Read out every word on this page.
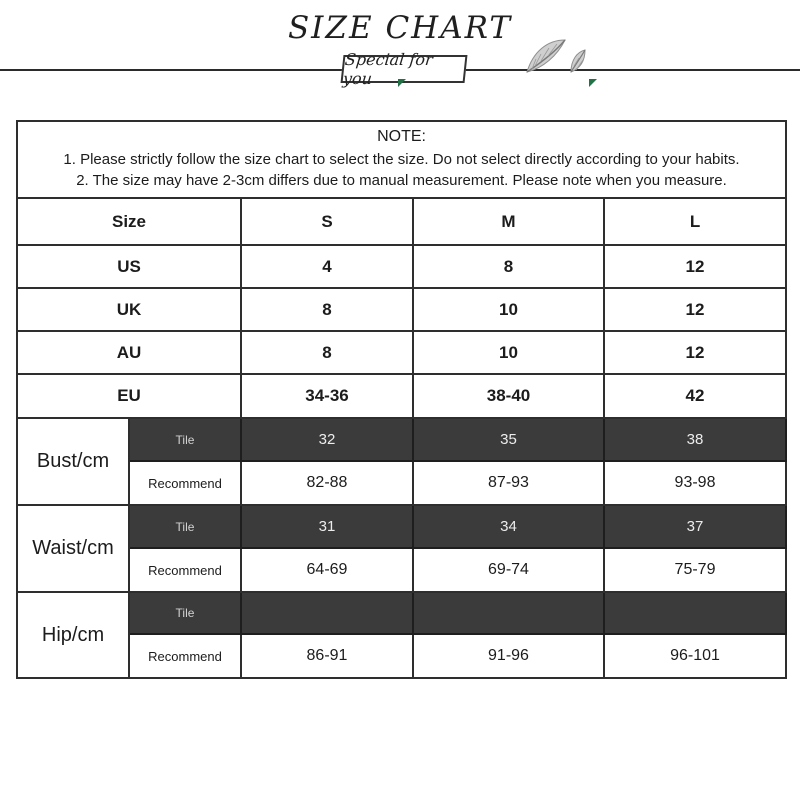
SIZE CHART
Special for you
NOTE:
1. Please strictly follow the size chart to select the size. Do not select directly according to your habits.
2. The size may have 2-3cm differs due to manual measurement. Please note when you measure.				

Size		S	M	L
US		4	8	12
UK		8	10	12
AU		8	10	12
EU		34-36	38-40	42
Bust/cm	Tile	32	35	38
	Recommend	82-88	87-93	93-98
Waist/cm	Tile	31	34	37
	Recommend	64-69	69-74	75-79
Hip/cm	Tile			
	Recommend	86-91	91-96	96-101
